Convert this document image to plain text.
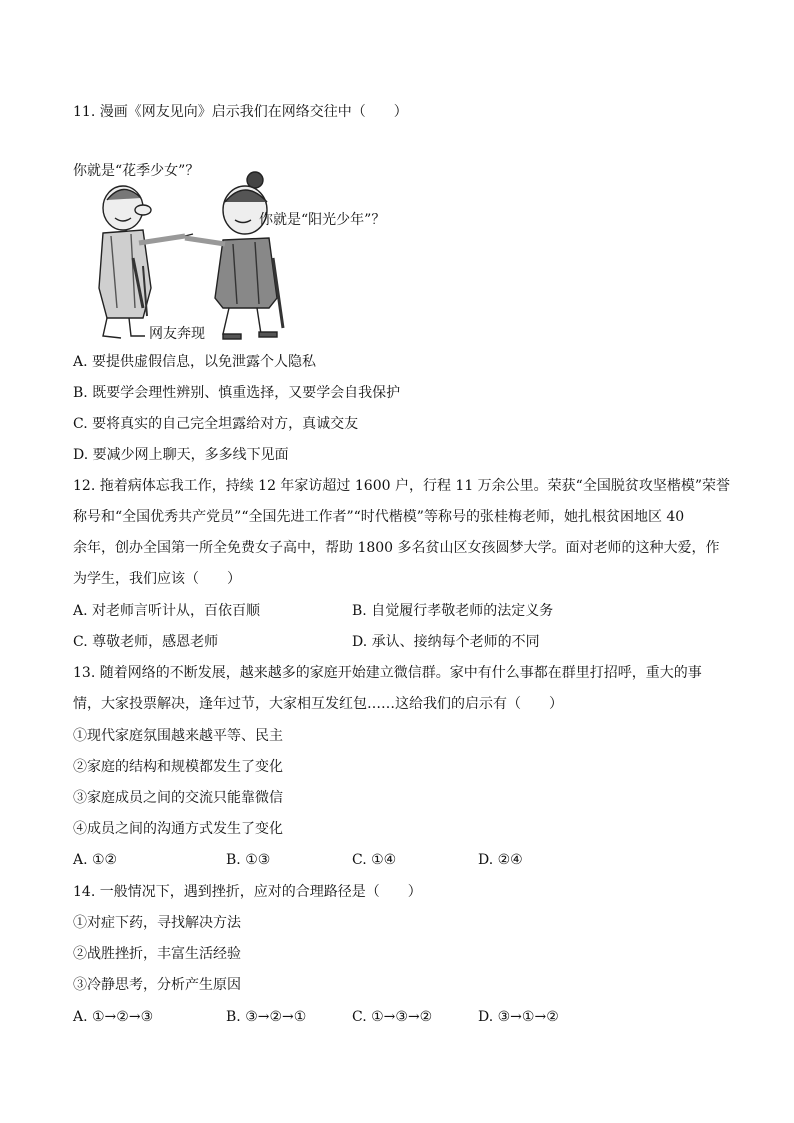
11. 漫画《网友见向》启示我们在网络交往中（　　）
你就是“花季少女”？
你就是“阳光少年”？
网友奔现
A. 要提供虚假信息，以免泄露个人隐私
B. 既要学会理性辨别、慎重选择，又要学会自我保护
C. 要将真实的自己完全坦露给对方，真诚交友
D. 要减少网上聊天，多多线下见面
12. 拖着病体忘我工作，持续 12 年家访超过 1600 户，行程 11 万余公里。荣获“全国脱贫攻坚楷模”荣誉
称号和“全国优秀共产党员”“全国先进工作者”“时代楷模”等称号的张桂梅老师，她扎根贫困地区 40
余年，创办全国第一所全免费女子高中，帮助 1800 多名贫山区女孩圆梦大学。面对老师的这种大爱，作
为学生，我们应该（　　）
A. 对老师言听计从，百依百顺	B. 自觉履行孝敬老师的法定义务
C. 尊敬老师，感恩老师	D. 承认、接纳每个老师的不同
13. 随着网络的不断发展，越来越多的家庭开始建立微信群。家中有什么事都在群里打招呼，重大的事
情，大家投票解决，逢年过节，大家相互发红包……这给我们的启示有（　　）
①现代家庭氛围越来越平等、民主
②家庭的结构和规模都发生了变化
③家庭成员之间的交流只能靠微信
④成员之间的沟通方式发生了变化
A. ①②	B. ①③	C. ①④	D. ②④
14. 一般情况下，遇到挫折，应对的合理路径是（　　）
①对症下药，寻找解决方法
②战胜挫折，丰富生活经验
③冷静思考，分析产生原因
A. ①→②→③	B. ③→②→①	C. ①→③→②	D. ③→①→②
